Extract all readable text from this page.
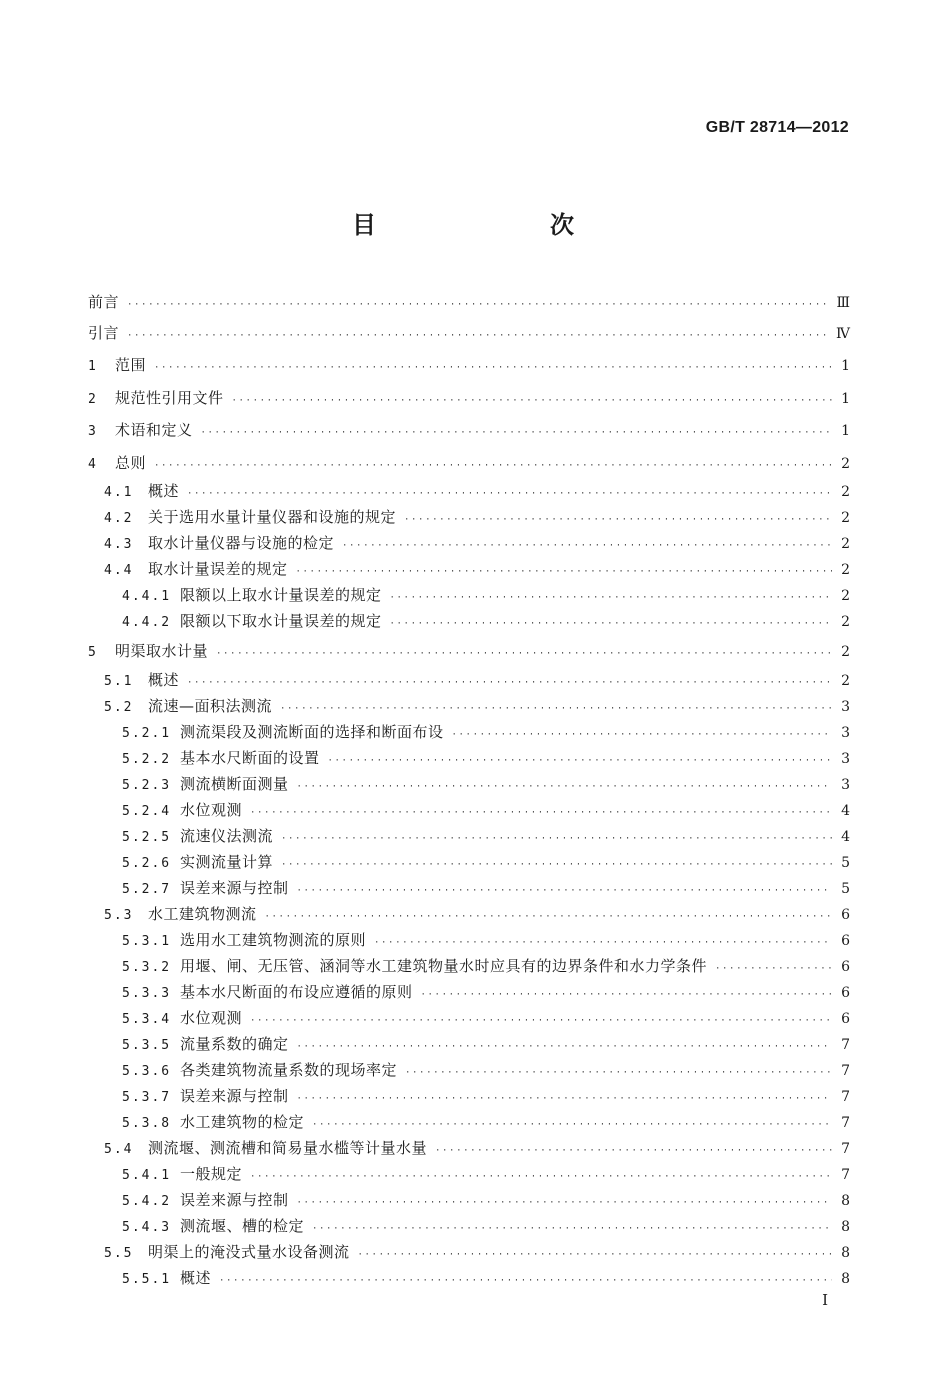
GB/T 28714—2012
目　　次
前言 ·····	Ⅲ
引言 ·····	Ⅳ
1	范围 ·····	1
2	规范性引用文件 ·····	1
3	术语和定义 ·····	1
4	总则 ·····	2
4.1 概述 ·····	2
4.2 关于选用水量计量仪器和设施的规定 ·····	2
4.3 取水计量仪器与设施的检定 ·····	2
4.4 取水计量误差的规定 ·····	2
4.4.1 限额以上取水计量误差的规定 ·····	2
4.4.2 限额以下取水计量误差的规定 ·····	2
5	明渠取水计量 ·····	2
5.1 概述 ·····	2
5.2 流速—面积法测流 ·····	3
5.2.1 测流渠段及测流断面的选择和断面布设 ·····	3
5.2.2 基本水尺断面的设置 ·····	3
5.2.3 测流横断面测量 ·····	3
5.2.4 水位观测 ·····	4
5.2.5 流速仪法测流 ·····	4
5.2.6 实测流量计算 ·····	5
5.2.7 误差来源与控制 ·····	5
5.3 水工建筑物测流 ·····	6
5.3.1 选用水工建筑物测流的原则 ·····	6
5.3.2 用堰、闸、无压管、涵洞等水工建筑物量水时应具有的边界条件和水力学条件 ·····	6
5.3.3 基本水尺断面的布设应遵循的原则 ·····	6
5.3.4 水位观测 ·····	6
5.3.5 流量系数的确定 ·····	7
5.3.6 各类建筑物流量系数的现场率定 ·····	7
5.3.7 误差来源与控制 ·····	7
5.3.8 水工建筑物的检定 ·····	7
5.4 测流堰、测流槽和简易量水槛等计量水量 ·····	7
5.4.1 一般规定 ·····	7
5.4.2 误差来源与控制 ·····	8
5.4.3 测流堰、槽的检定 ·····	8
5.5 明渠上的淹没式量水设备测流 ·····	8
5.5.1 概述 ·····	8
I
